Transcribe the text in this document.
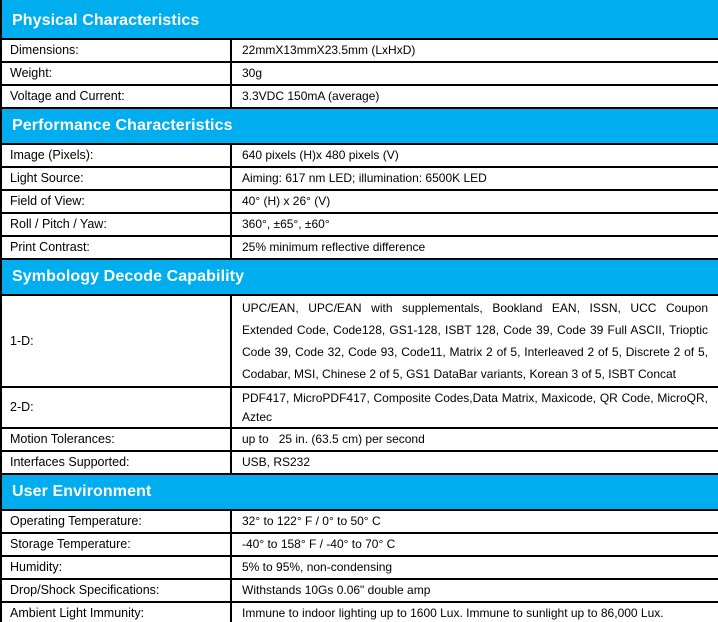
Physical Characteristics
Dimensions:	22mmX13mmX23.5mm (LxHxD)
Weight:	30g
Voltage and Current:	3.3VDC 150mA (average)
Performance Characteristics
Image (Pixels):	640 pixels (H)x 480 pixels (V)
Light Source:	Aiming: 617 nm LED; illumination: 6500K LED
Field of View:	40° (H) x 26° (V)
Roll / Pitch / Yaw:	360°, ±65°, ±60°
Print Contrast:	25% minimum reflective difference
Symbology Decode Capability
1-D:
UPC/EAN, UPC/EAN with supplementals, Bookland EAN, ISSN, UCC Coupon Extended Code, Code128, GS1-128, ISBT 128, Code 39, Code 39 Full ASCII, Trioptic Code 39, Code 32, Code 93, Code11, Matrix 2 of 5, Interleaved 2 of 5, Discrete 2 of 5, Codabar, MSI, Chinese 2 of 5, GS1 DataBar variants, Korean 3 of 5, ISBT Concat
2-D:
PDF417, MicroPDF417, Composite Codes,Data Matrix, Maxicode, QR Code, MicroQR, Aztec
Motion Tolerances:	up to   25 in. (63.5 cm) per second
Interfaces Supported:	USB, RS232
User Environment
Operating Temperature:	32° to 122° F / 0° to 50° C
Storage Temperature:	-40° to 158° F / -40° to 70° C
Humidity:	5% to 95%, non-condensing
Drop/Shock Specifications:	Withstands 10Gs 0.06" double amp
Ambient Light Immunity:	Immune to indoor lighting up to 1600 Lux. Immune to sunlight up to 86,000 Lux.
